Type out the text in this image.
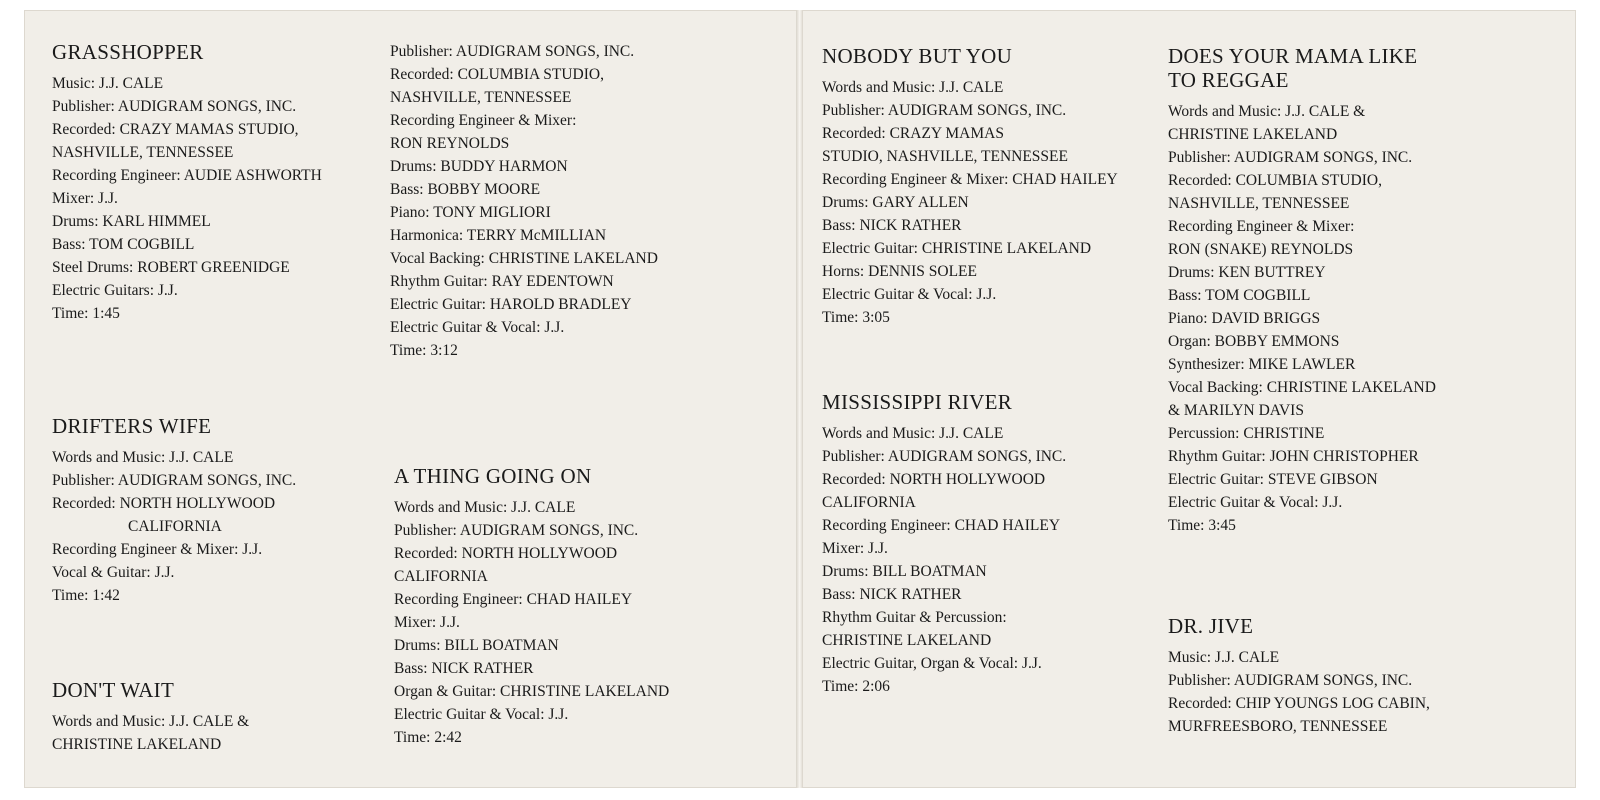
GRASSHOPPER
Music: J.J. CALE
Publisher: AUDIGRAM SONGS, INC.
Recorded: CRAZY MAMAS STUDIO,
NASHVILLE, TENNESSEE
Recording Engineer: AUDIE ASHWORTH
Mixer: J.J.
Drums: KARL HIMMEL
Bass: TOM COGBILL
Steel Drums: ROBERT GREENIDGE
Electric Guitars: J.J.
Time: 1:45
DRIFTERS WIFE
Words and Music: J.J. CALE
Publisher: AUDIGRAM SONGS, INC.
Recorded: NORTH HOLLYWOOD
CALIFORNIA
Recording Engineer & Mixer: J.J.
Vocal & Guitar: J.J.
Time: 1:42
DON'T WAIT
Words and Music: J.J. CALE &
CHRISTINE LAKELAND
Publisher: AUDIGRAM SONGS, INC.
Recorded: COLUMBIA STUDIO,
NASHVILLE, TENNESSEE
Recording Engineer & Mixer:
RON REYNOLDS
Drums: BUDDY HARMON
Bass: BOBBY MOORE
Piano: TONY MIGLIORI
Harmonica: TERRY McMILLIAN
Vocal Backing: CHRISTINE LAKELAND
Rhythm Guitar: RAY EDENTOWN
Electric Guitar: HAROLD BRADLEY
Electric Guitar & Vocal: J.J.
Time: 3:12
A THING GOING ON
Words and Music: J.J. CALE
Publisher: AUDIGRAM SONGS, INC.
Recorded: NORTH HOLLYWOOD
CALIFORNIA
Recording Engineer: CHAD HAILEY
Mixer: J.J.
Drums: BILL BOATMAN
Bass: NICK RATHER
Organ & Guitar: CHRISTINE LAKELAND
Electric Guitar & Vocal: J.J.
Time: 2:42
NOBODY BUT YOU
Words and Music: J.J. CALE
Publisher: AUDIGRAM SONGS, INC.
Recorded: CRAZY MAMAS
STUDIO, NASHVILLE, TENNESSEE
Recording Engineer & Mixer: CHAD HAILEY
Drums: GARY ALLEN
Bass: NICK RATHER
Electric Guitar: CHRISTINE LAKELAND
Horns: DENNIS SOLEE
Electric Guitar & Vocal: J.J.
Time: 3:05
MISSISSIPPI RIVER
Words and Music: J.J. CALE
Publisher: AUDIGRAM SONGS, INC.
Recorded: NORTH HOLLYWOOD
CALIFORNIA
Recording Engineer: CHAD HAILEY
Mixer: J.J.
Drums: BILL BOATMAN
Bass: NICK RATHER
Rhythm Guitar & Percussion:
CHRISTINE LAKELAND
Electric Guitar, Organ & Vocal: J.J.
Time: 2:06
DOES YOUR MAMA LIKE
TO REGGAE
Words and Music: J.J. CALE &
CHRISTINE LAKELAND
Publisher: AUDIGRAM SONGS, INC.
Recorded: COLUMBIA STUDIO,
NASHVILLE, TENNESSEE
Recording Engineer & Mixer:
RON (SNAKE) REYNOLDS
Drums: KEN BUTTREY
Bass: TOM COGBILL
Piano: DAVID BRIGGS
Organ: BOBBY EMMONS
Synthesizer: MIKE LAWLER
Vocal Backing: CHRISTINE LAKELAND
& MARILYN DAVIS
Percussion: CHRISTINE
Rhythm Guitar: JOHN CHRISTOPHER
Electric Guitar: STEVE GIBSON
Electric Guitar & Vocal: J.J.
Time: 3:45
DR. JIVE
Music: J.J. CALE
Publisher: AUDIGRAM SONGS, INC.
Recorded: CHIP YOUNGS LOG CABIN,
MURFREESBORO, TENNESSEE
